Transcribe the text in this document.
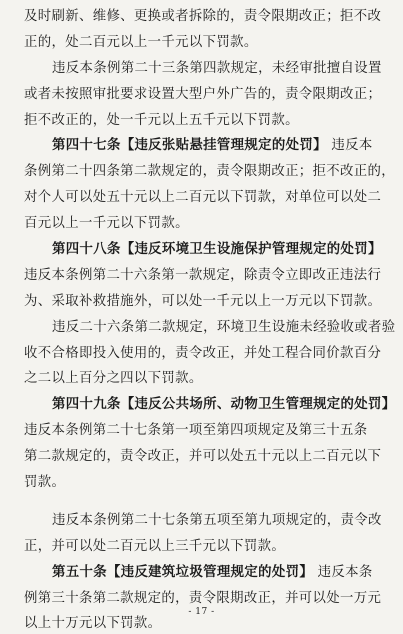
及时刷新、维修、更换或者拆除的，责令限期改正；拒不改
正的，处二百元以上一千元以下罚款。
违反本条例第二十三条第四款规定，未经审批擅自设置
或者未按照审批要求设置大型户外广告的，责令限期改正；
拒不改正的，处一千元以上五千元以下罚款。
第四十七条【违反张贴悬挂管理规定的处罚】 违反本
条例第二十四条第二款规定的，责令限期改正；拒不改正的，
对个人可以处五十元以上二百元以下罚款，对单位可以处二
百元以上一千元以下罚款。
第四十八条【违反环境卫生设施保护管理规定的处罚】
违反本条例第二十六条第一款规定，除责令立即改正违法行
为、采取补救措施外，可以处一千元以上一万元以下罚款。
违反二十六条第二款规定，环境卫生设施未经验收或者验
收不合格即投入使用的，责令改正，并处工程合同价款百分
之二以上百分之四以下罚款。
第四十九条【违反公共场所、动物卫生管理规定的处罚】
违反本条例第二十七条第一项至第四项规定及第三十五条
第二款规定的，责令改正，并可以处五十元以上二百元以下
罚款。
违反本条例第二十七条第五项至第九项规定的，责令改
正，并可以处二百元以上三千元以下罚款。
第五十条【违反建筑垃圾管理规定的处罚】 违反本条
例第三十条第二款规定的，责令限期改正，并可以处一万元
以上十万元以下罚款。
- 17 -
